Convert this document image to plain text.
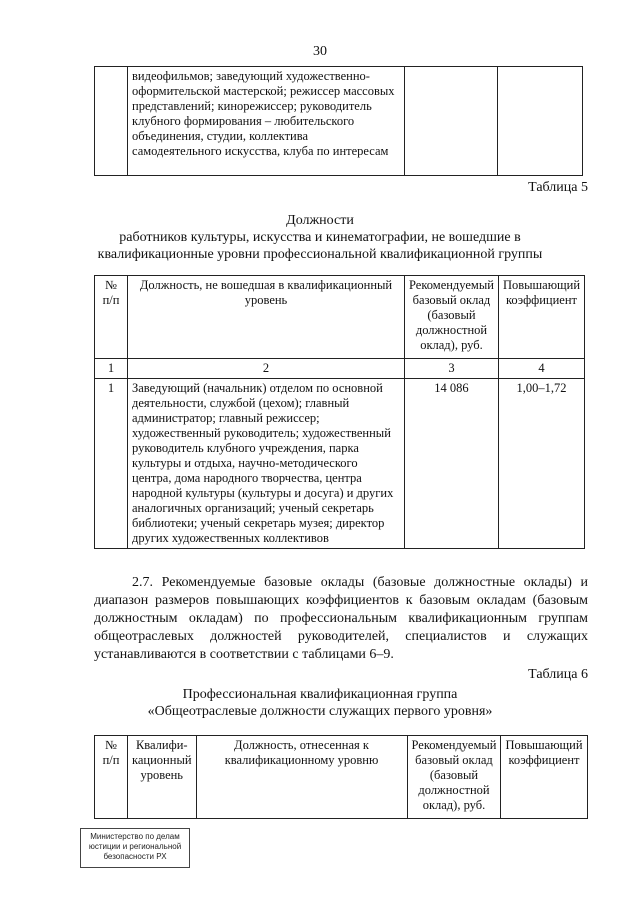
30
	видеофильмов; заведующий художественно-оформительской мастерской; режиссер массовых представлений; кинорежиссер; руководитель клубного формирования – любительского объединения, студии, коллектива самодеятельного искусства, клуба по интересам		
Таблица 5
Должности
работников культуры, искусства и кинематографии, не вошедшие в
квалификационные уровни профессиональной квалификационной группы
№ п/п	Должность, не вошедшая в квалификационный уровень	Рекомендуемый базовый оклад (базовый должностной оклад), руб.	Повышающий коэффициент
1	2	3	4
1	Заведующий (начальник) отделом по основной деятельности, службой (цехом); главный администратор; главный режиссер; художественный руководитель; художественный руководитель клубного учреждения, парка культуры и отдыха, научно-методического центра, дома народного творчества, центра народной культуры (культуры и досуга) и других аналогичных организаций; ученый секретарь библиотеки; ученый секретарь музея; директор других художественных коллективов	14 086	1,00–1,72
2.7. Рекомендуемые базовые оклады (базовые должностные оклады) и диапазон размеров повышающих коэффициентов к базовым окладам (базовым должностным окладам) по профессиональным квалификационным группам общеотраслевых должностей руководителей, специалистов и служащих устанавливаются в соответствии с таблицами 6–9.
Таблица 6
Профессиональная квалификационная группа
«Общеотраслевые должности служащих первого уровня»
№ п/п	Квалифи-кационный уровень	Должность, отнесенная к квалификационному уровню	Рекомендуемый базовый оклад (базовый должностной оклад), руб.	Повышающий коэффициент
Министерство по делам
юстиции и региональной
безопасности РХ
